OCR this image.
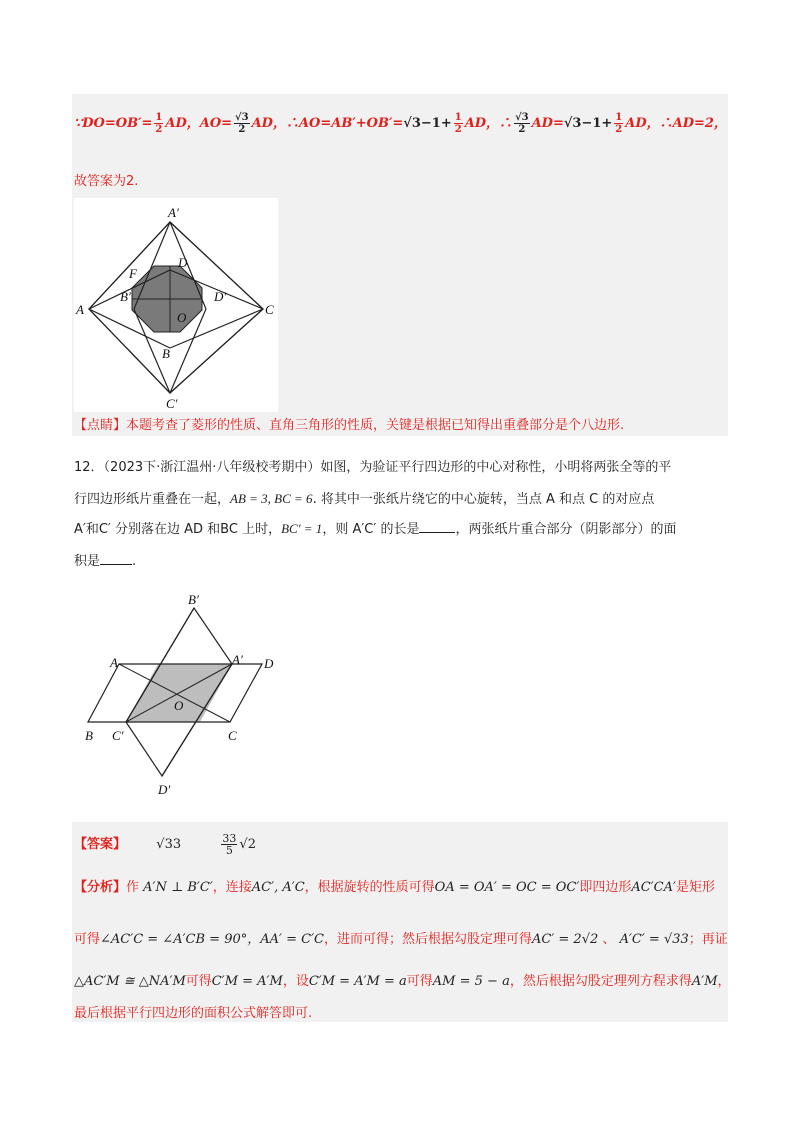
∵DO=OB′= $\frac{1}{2}$ AD，$AO= \frac{√3}{2}$ AD，∴AO=AB′+OB′=√3−1+ $\frac{1}{2}$ AD，∴ $\frac{√3}{2} AD=√3-1+ \frac{1}{2}$ AD，∴AD=2，
故答案为2.
A′
F
D
B′	D′
A
O
C
B
C′
【点睛】本题考查了菱形的性质、直角三角形的性质，关键是根据已知得出重叠部分是个八边形.
12．（2023下·浙江温州·八年级校考期中）如图，为验证平行四边形的中心对称性，小明将两张全等的平
行四边形纸片重叠在一起，AB = 3, BC = 6. 将其中一张纸片绕它的中心旋转，当点 A 和点 C 的对应点
A′和C′ 分别落在边 AD 和BC 上时，BC′ = 1，则 A′C′ 的长是	，两张纸片重合部分（阴影部分）的面
积是 .
B′
A	A′ D
O
B C′	C
D′
【答案】 √33	$\frac{33}{5} √2$
【分析】作 A′N ⊥ B′C′，连接AC′, A′C，根据旋转的性质可得OA = OA′ = OC = OC′即四边形AC′CA′是矩形
可得∠AC′C = ∠A′CB = 90°，AA′ = C′C，进而可得；然后根据勾股定理可得AC′ = 2√2 、 A′C′ = √33；再证
△AC′M ≅ △NA′M可得C′M = A′M，设C′M = A′M = a可得AM = 5 − a，然后根据勾股定理列方程求得A′M，
最后根据平行四边形的面积公式解答即可.
